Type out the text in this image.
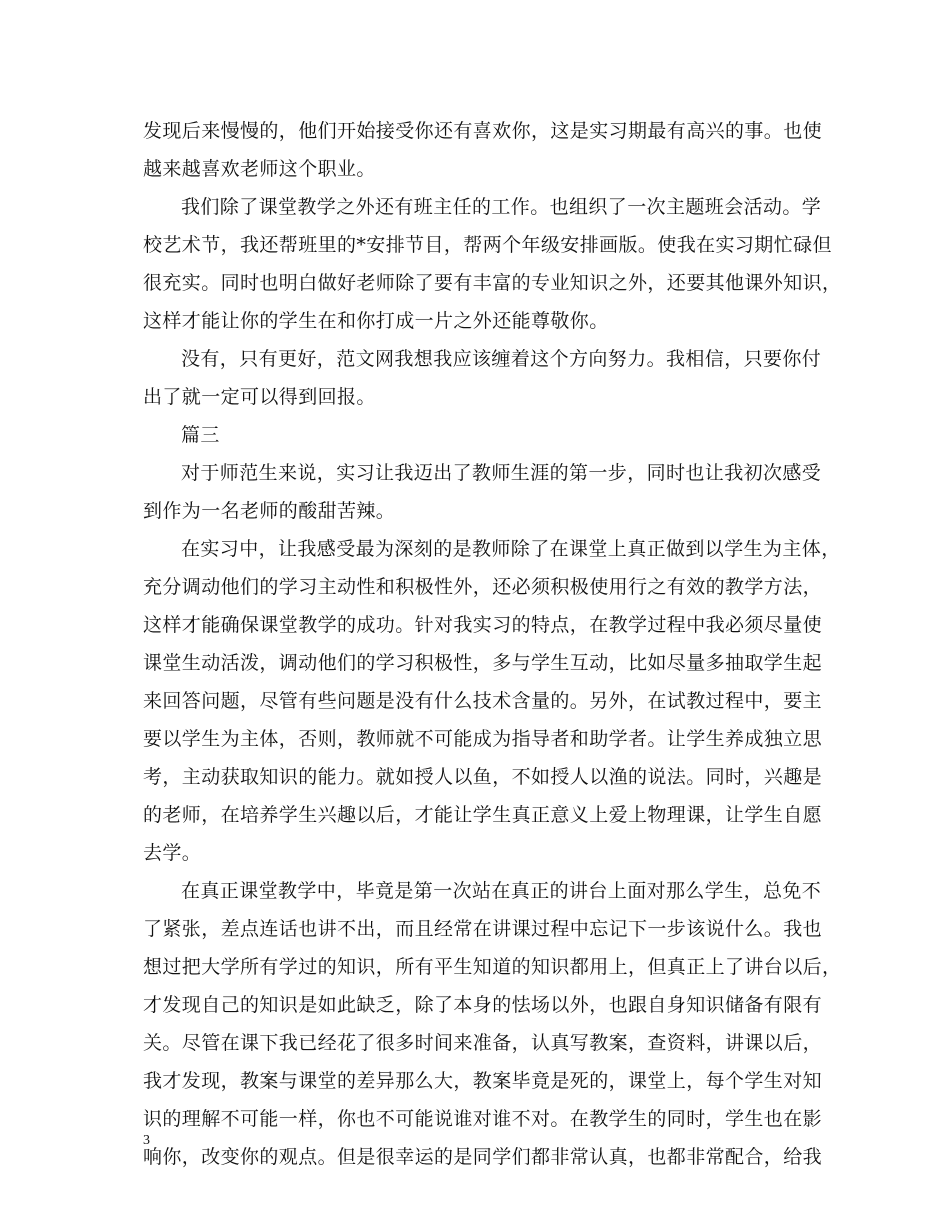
发现后来慢慢的，他们开始接受你还有喜欢你，这是实习期最有高兴的事。也使
越来越喜欢老师这个职业。
我们除了课堂教学之外还有班主任的工作。也组织了一次主题班会活动。学
校艺术节，我还帮班里的*安排节目，帮两个年级安排画版。使我在实习期忙碌但
很充实。同时也明白做好老师除了要有丰富的专业知识之外，还要其他课外知识，
这样才能让你的学生在和你打成一片之外还能尊敬你。
没有，只有更好，范文网我想我应该缠着这个方向努力。我相信，只要你付
出了就一定可以得到回报。
篇三
对于师范生来说，实习让我迈出了教师生涯的第一步，同时也让我初次感受
到作为一名老师的酸甜苦辣。
在实习中，让我感受最为深刻的是教师除了在课堂上真正做到以学生为主体，
充分调动他们的学习主动性和积极性外，还必须积极使用行之有效的教学方法，
这样才能确保课堂教学的成功。针对我实习的特点，在教学过程中我必须尽量使
课堂生动活泼，调动他们的学习积极性，多与学生互动，比如尽量多抽取学生起
来回答问题，尽管有些问题是没有什么技术含量的。另外，在试教过程中，要主
要以学生为主体，否则，教师就不可能成为指导者和助学者。让学生养成独立思
考，主动获取知识的能力。就如授人以鱼，不如授人以渔的说法。同时，兴趣是
的老师，在培养学生兴趣以后，才能让学生真正意义上爱上物理课，让学生自愿
去学。
在真正课堂教学中，毕竟是第一次站在真正的讲台上面对那么学生，总免不
了紧张，差点连话也讲不出，而且经常在讲课过程中忘记下一步该说什么。我也
想过把大学所有学过的知识，所有平生知道的知识都用上，但真正上了讲台以后，
才发现自己的知识是如此缺乏，除了本身的怯场以外，也跟自身知识储备有限有
关。尽管在课下我已经花了很多时间来准备，认真写教案，查资料，讲课以后，
我才发现，教案与课堂的差异那么大，教案毕竟是死的，课堂上，每个学生对知
识的理解不可能一样，你也不可能说谁对谁不对。在教学生的同时，学生也在影
响你，改变你的观点。但是很幸运的是同学们都非常认真，也都非常配合，给我
3
